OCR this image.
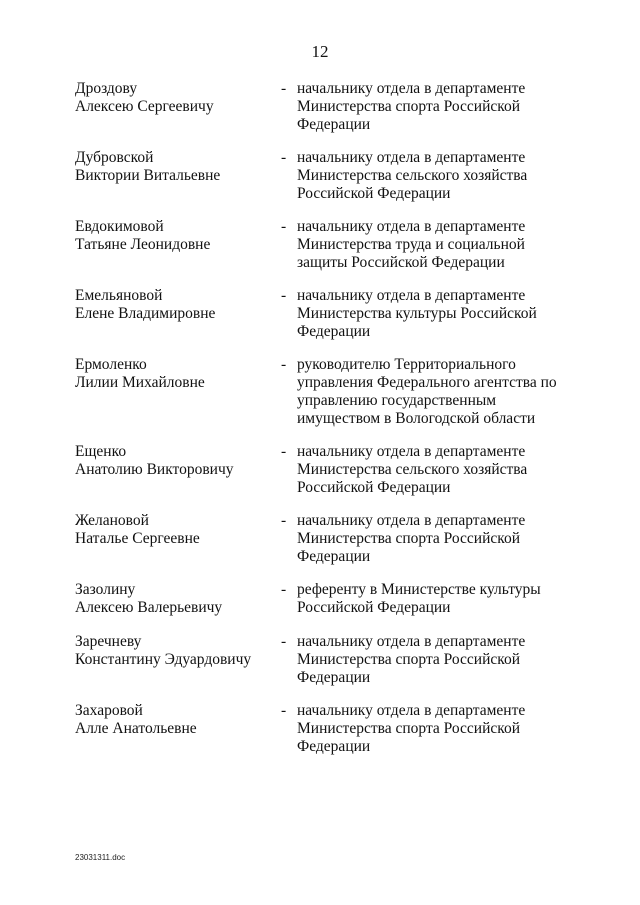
12
Дроздову
Алексею Сергеевичу
- начальнику отдела в департаменте
Министерства спорта Российской
Федерации
Дубровской
Виктории Витальевне
- начальнику отдела в департаменте
Министерства сельского хозяйства
Российской Федерации
Евдокимовой
Татьяне Леонидовне
- начальнику отдела в департаменте
Министерства труда и социальной
защиты Российской Федерации
Емельяновой
Елене Владимировне
- начальнику отдела в департаменте
Министерства культуры Российской
Федерации
Ермоленко
Лилии Михайловне
- руководителю Территориального
управления Федерального агентства по
управлению государственным
имуществом в Вологодской области
Ещенко
Анатолию Викторовичу
- начальнику отдела в департаменте
Министерства сельского хозяйства
Российской Федерации
Желановой
Наталье Сергеевне
- начальнику отдела в департаменте
Министерства спорта Российской
Федерации
Зазолину
Алексею Валерьевичу
- референту в Министерстве культуры
Российской Федерации
Заречневу
Константину Эдуардовичу
- начальнику отдела в департаменте
Министерства спорта Российской
Федерации
Захаровой
Алле Анатольевне
- начальнику отдела в департаменте
Министерства спорта Российской
Федерации
23031311.doc
